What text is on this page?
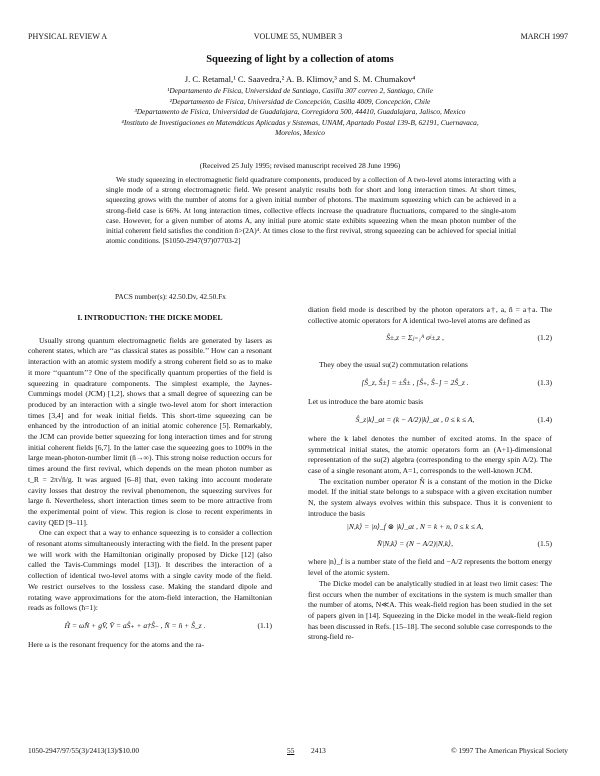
PHYSICAL REVIEW A	VOLUME 55, NUMBER 3	MARCH 1997
Squeezing of light by a collection of atoms
J. C. Retamal,¹ C. Saavedra,² A. B. Klimov,³ and S. M. Chumakov⁴
¹Departamento de Física, Universidad de Santiago, Casilla 307 correo 2, Santiago, Chile
²Departamento de Física, Universidad de Concepción, Casilla 4009, Concepción, Chile
³Departamento de Física, Universidad de Guadalajara, Corregidora 500, 44410, Guadalajara, Jalisco, Mexico
⁴Instituto de Investigaciones en Matemáticas Aplicadas y Sistemas, UNAM, Apartado Postal 139-B, 62191, Cuernavaca,
Morelos, Mexico
(Received 25 July 1995; revised manuscript received 28 June 1996)
We study squeezing in electromagnetic field quadrature components, produced by a collection of A two-level atoms interacting with a single mode of a strong electromagnetic field. We present analytic results both for short and long interaction times. At short times, squeezing grows with the number of atoms for a given initial number of photons. The maximum squeezing which can be achieved in a strong-field case is 66%. At long interaction times, collective effects increase the quadrature fluctuations, compared to the single-atom case. However, for a given number of atoms A, any initial pure atomic state exhibits squeezing when the mean photon number of the initial coherent field satisfies the condition n̄>(2A)⁴. At times close to the first revival, strong squeezing can be achieved for special initial atomic conditions. [S1050-2947(97)07703-2]
PACS number(s): 42.50.Dv, 42.50.Fx
I. INTRODUCTION: THE DICKE MODEL

Usually strong quantum electromagnetic fields are generated by lasers as coherent states, which are ‘‘as classical states as possible.’’ How can a resonant interaction with an atomic system modify a strong coherent field so as to make it more ‘‘quantum’’? One of the specifically quantum properties of the field is squeezing in quadrature components. The simplest example, the Jaynes-Cummings model (JCM) [1,2], shows that a small degree of squeezing can be produced by an interaction with a single two-level atom for short interaction times [3,4] and for weak initial fields. This short-time squeezing can be enhanced by the introduction of an initial atomic coherence [5]. Remarkably, the JCM can provide better squeezing for long interaction times and for strong initial coherent fields [6,7]. In the latter case the squeezing goes to 100% in the large mean-photon-number limit (n̄→∞). This strong noise reduction occurs for times around the first revival, which depends on the mean photon number as t_R = 2π√n̄/g. It was argued [6–8] that, even taking into account moderate cavity losses that destroy the revival phenomenon, the squeezing survives for large n̄. Nevertheless, short interaction times seem to be more attractive from the experimental point of view. This region is close to recent experiments in cavity QED [9–11].

One can expect that a way to enhance squeezing is to consider a collection of resonant atoms simultaneously interacting with the field. In the present paper we will work with the Hamiltonian originally proposed by Dicke [12] (also called the Tavis-Cummings model [13]). It describes the interaction of a collection of identical two-level atoms with a single cavity mode of the field. We restrict ourselves to the lossless case. Making the standard dipole and rotating wave approximations for the atom-field interaction, the Hamiltonian reads as follows (ħ=1):

Ĥ = ωN̂ + gV̂, V̂ = aŜ₊ + a†Ŝ₋ , N̂ = n̂ + Ŝ_z .	(1.1)

Here ω is the resonant frequency for the atoms and the ra-

diation field mode is described by the photon operators a†, a, n̂ = a†a. The collective atomic operators for A identical two-level atoms are defined as

Ŝ±,z = Σⱼ₌₁ᴬ σʲ±,z ,	(1.2)

They obey the usual su(2) commutation relations

[Ŝ_z, Ŝ±] = ±Ŝ± , [Ŝ₊, Ŝ₋] = 2Ŝ_z .	(1.3)

Let us introduce the bare atomic basis

Ŝ_z|k⟩_at = (k − A/2)|k⟩_at , 0 ≤ k ≤ A,	(1.4)

where the k label denotes the number of excited atoms. In the space of symmetrical initial states, the atomic operators form an (A+1)-dimensional representation of the su(2) algebra (corresponding to the energy spin A/2). The case of a single resonant atom, A=1, corresponds to the well-known JCM.

The excitation number operator N̂ is a constant of the motion in the Dicke model. If the initial state belongs to a subspace with a given excitation number N, the system always evolves within this subspace. Thus it is convenient to introduce the basis

|N,k⟩ = |n⟩_f ⊗ |k⟩_at , N = k + n, 0 ≤ k ≤ A,
N̂|N,k⟩ = (N − A/2)|N,k⟩,	(1.5)

where |n⟩_f is a number state of the field and −A/2 represents the bottom energy level of the atomic system.

The Dicke model can be analytically studied in at least two limit cases: The first occurs when the number of excitations in the system is much smaller than the number of atoms, N≪A. This weak-field region has been studied in the set of papers given in [14]. Squeezing in the Dicke model in the weak-field region has been discussed in Refs. [15–18]. The second soluble case corresponds to the strong-field re-

1050-2947/97/55(3)/2413(13)/$10.00	55 2413	© 1997 The American Physical Society
